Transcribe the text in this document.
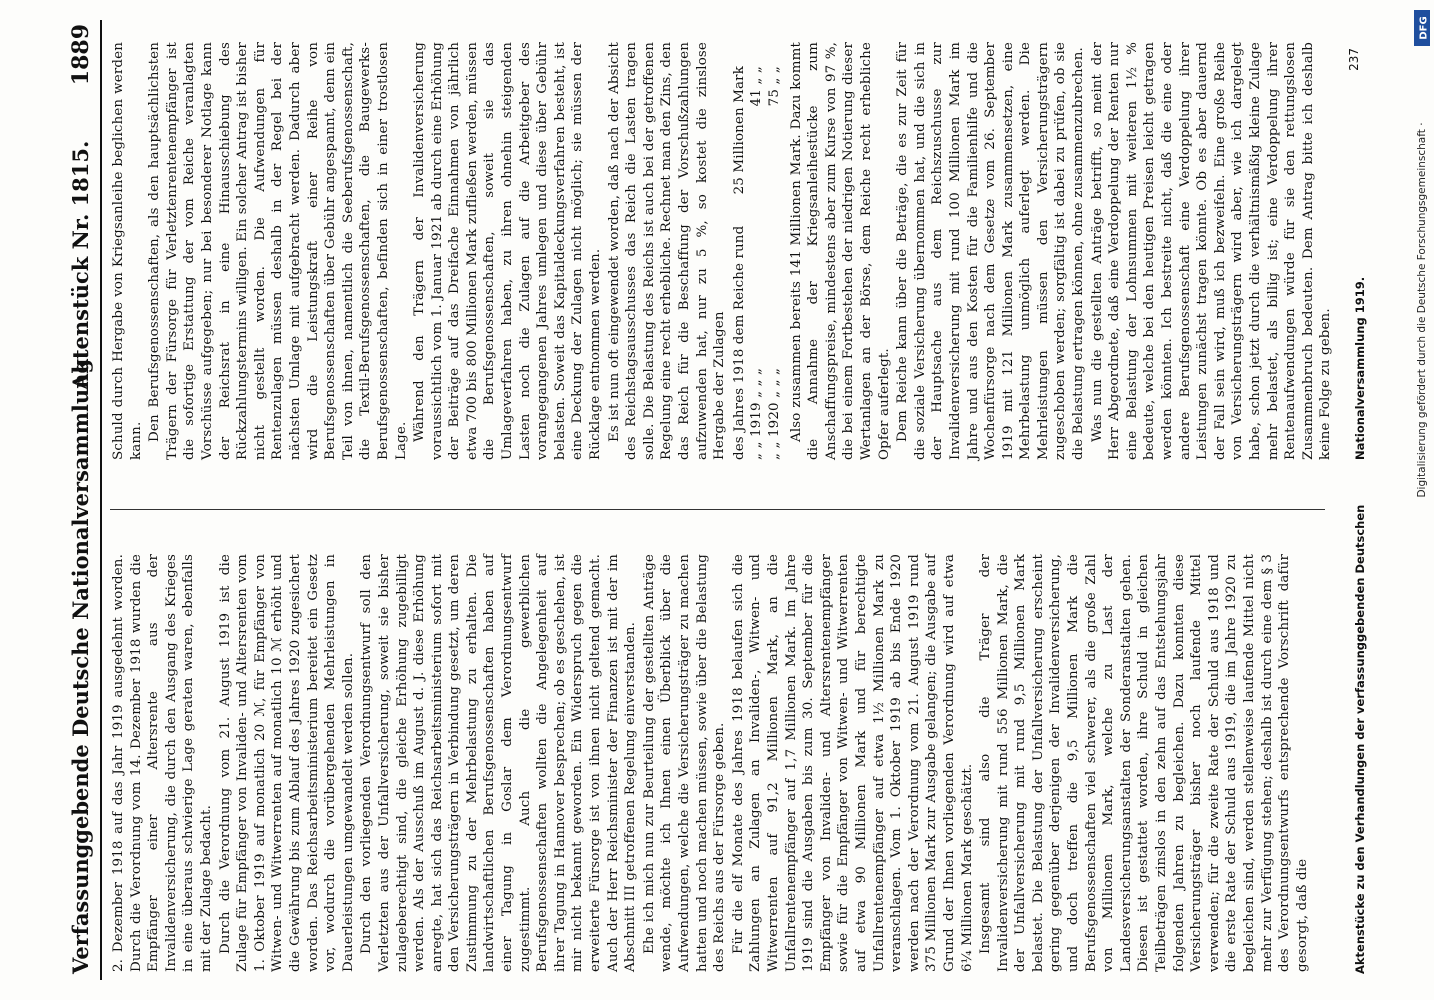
Verfassunggebende Deutsche Nationalversammlung.
Aktenstück Nr. 1815.
1889

2. Dezember 1918 auf das Jahr 1919 ausgedehnt worden. Durch die Verordnung vom 14. Dezember 1918 wurden die Empfänger einer Altersrente aus der Invalidenversicherung, die durch den Ausgang des Krieges in eine überaus schwierige Lage geraten waren, ebenfalls mit der Zulage bedacht. Durch die Verordnung vom 21. August 1919 ist die Zulage für Empfänger von Invaliden- und Altersrenten vom 1. Oktober 1919 auf monatlich 20 ℳ, für Empfänger von Witwen- und Witwerrenten auf monatlich 10 ℳ erhöht und die Gewährung bis zum Ablauf des Jahres 1920 zugesichert worden. Das Reichsarbeitsministerium bereitet ein Gesetz vor, wodurch die vorübergehenden Mehrleistungen in Dauerleistungen umgewandelt werden sollen. Durch den vorliegenden Verordnungsentwurf soll den Verletzten aus der Unfallversicherung, soweit sie bisher zulageberechtigt sind, die gleiche Erhöhung zugebilligt werden. Als der Ausschuß im August d. J. diese Erhöhung anregte, hat sich das Reichsarbeitsministerium sofort mit den Versicherungsträgern in Verbindung gesetzt, um deren Zustimmung zu der Mehrbelastung zu erhalten. Die landwirtschaftlichen Berufsgenossenschaften haben auf einer Tagung in Goslar dem Verordnungsentwurf zugestimmt. Auch die gewerblichen Berufsgenossenschaften wollten die Angelegenheit auf ihrer Tagung in Hannover besprechen; ob es geschehen, ist mir nicht bekannt geworden. Ein Widerspruch gegen die erweiterte Fürsorge ist von ihnen nicht geltend gemacht. Auch der Herr Reichsminister der Finanzen ist mit der im Abschnitt III getroffenen Regelung einverstanden. Ehe ich mich nun zur Beurteilung der gestellten Anträge wende, möchte ich Ihnen einen Überblick über die Aufwendungen, welche die Versicherungsträger zu machen hatten und noch machen müssen, sowie über die Belastung des Reichs aus der Fürsorge geben. Für die elf Monate des Jahres 1918 belaufen sich die Zahlungen an Zulagen an Invaliden-, Witwen- und Witwerrenten auf 91,2 Millionen Mark, an die Unfallrentenempfänger auf 1,7 Millionen Mark. Im Jahre 1919 sind die Ausgaben bis zum 30. September für die Empfänger von Invaliden- und Altersrentenempfänger sowie für die Empfänger von Witwen- und Witwerrenten auf etwa 90 Millionen Mark und für berechtigte Unfallrentenempfänger auf etwa 1½ Millionen Mark zu veranschlagen. Vom 1. Oktober 1919 ab bis Ende 1920 werden nach der Verordnung vom 21. August 1919 rund 375 Millionen Mark zur Ausgabe gelangen; die Ausgabe auf Grund der Ihnen vorliegenden Verordnung wird auf etwa 6¼ Millionen Mark geschätzt. Insgesamt sind also die Träger der Invalidenversicherung mit rund 556 Millionen Mark, die der Unfallversicherung mit rund 9,5 Millionen Mark belastet. Die Belastung der Unfallversicherung erscheint gering gegenüber derjenigen der Invalidenversicherung, und doch treffen die 9,5 Millionen Mark die Berufsgenossenschaften viel schwerer, als die große Zahl von Millionen Mark, welche zu Last der Landesversicherungsanstalten der Sonderanstalten gehen. Diesen ist gestattet worden, ihre Schuld in gleichen Teilbeträgen zinslos in den zehn auf das Entstehungsjahr folgenden Jahren zu begleichen. Dazu konnten diese Versicherungsträger bisher noch laufende Mittel verwenden; für die zweite Rate der Schuld aus 1918 und die erste Rate der Schuld aus 1919, die im Jahre 1920 zu begleichen sind, werden stellenweise laufende Mittel nicht mehr zur Verfügung stehen; deshalb ist durch eine dem § 3 des Verordnungsentwurfs entsprechende Vorschrift dafür gesorgt, daß die

Schuld durch Hergabe von Kriegsanleihe beglichen werden kann. Den Berufsgenossenschaften, als den hauptsächlichsten Trägern der Fürsorge für Verletztenrentenempfänger ist die sofortige Erstattung der vom Reiche veranlagten Vorschüsse aufgegeben; nur bei besonderer Notlage kann der Reichsrat in eine Hinausschiebung des Rückzahlungstermins willigen. Ein solcher Antrag ist bisher nicht gestellt worden. Die Aufwendungen für Rentenzulagen müssen deshalb in der Regel bei der nächsten Umlage mit aufgebracht werden. Dadurch aber wird die Leistungskraft einer Reihe von Berufsgenossenschaften über Gebühr angespannt, denn ein Teil von ihnen, namentlich die Seeberufsgenossenschaft, die Textil-Berufsgenossenschaften, die Baugewerks-Berufsgenossenschaften, befinden sich in einer trostlosen Lage. Während den Trägern der Invalidenversicherung voraussichtlich vom 1. Januar 1921 ab durch eine Erhöhung der Beiträge auf das Dreifache Einnahmen von jährlich etwa 700 bis 800 Millionen Mark zufließen werden, müssen die Berufsgenossenschaften, soweit sie das Umlageverfahren haben, zu ihren ohnehin steigenden Lasten noch die Zulagen auf die Arbeitgeber des vorangegangenen Jahres umlegen und diese über Gebühr belasten. Soweit das Kapitaldeckungsverfahren besteht, ist eine Deckung der Zulagen nicht möglich; sie müssen der Rücklage entnommen werden. Es ist nun oft eingewendet worden, daß nach der Absicht des Reichstagsausschusses das Reich die Lasten tragen solle. Die Belastung des Reichs ist auch bei der getroffenen Regelung eine recht erhebliche. Rechnet man den Zins, den das Reich für die Beschaffung der Vorschußzahlungen aufzuwenden hat, nur zu 5 %, so kostet die zinslose Hergabe der Zulagen des Jahres 1918 dem Reiche rund	25 Millionen Mark
„ „ 1919 „ „ „	41 „ „
„ „ 1920 „ „ „	75 „ „ Also zusammen bereits 141 Millionen Mark. Dazu kommt die Annahme der Kriegsanleihestücke zum Anschaffungspreise, mindestens aber zum Kurse von 97 %, die bei einem Fortbestehen der niedrigen Notierung dieser Wertanlagen an der Börse, dem Reiche recht erhebliche Opfer auferlegt. Dem Reiche kann über die Beträge, die es zur Zeit für die soziale Versicherung übernommen hat, und die sich in der Hauptsache aus dem Reichszuschusse zur Invalidenversicherung mit rund 100 Millionen Mark im Jahre und aus den Kosten für die Familienhilfe und die Wochenfürsorge nach dem Gesetze vom 26. September 1919 mit 121 Millionen Mark zusammensetzen, eine Mehrbelastung unmöglich auferlegt werden. Die Mehrleistungen müssen den Versicherungsträgern zugeschoben werden; sorgfältig ist dabei zu prüfen, ob sie die Belastung ertragen können, ohne zusammenzubrechen. Was nun die gestellten Anträge betrifft, so meint der Herr Abgeordnete, daß eine Verdoppelung der Renten nur eine Belastung der Lohnsummen mit weiteren 1½ % bedeute, welche bei den heutigen Preisen leicht getragen werden könnten. Ich bestreite nicht, daß die eine oder andere Berufsgenossenschaft eine Verdoppelung ihrer Leistungen zunächst tragen könnte. Ob es aber dauernd der Fall sein wird, muß ich bezweifeln. Eine große Reihe von Versicherungsträgern wird aber, wie ich dargelegt habe, schon jetzt durch die verhältnismäßig kleine Zulage mehr belastet, als billig ist; eine Verdoppelung ihrer Rentenaufwendungen würde für sie den rettungslosen Zusammenbruch bedeuten. Dem Antrag bitte ich deshalb keine Folge zu geben.

Aktenstücke zu den Verhandlungen der verfassunggebenden Deutschen
Nationalversammlung 1919.
237
DFG
Digitalisierung gefördert durch die Deutsche Forschungsgemeinschaft ·
